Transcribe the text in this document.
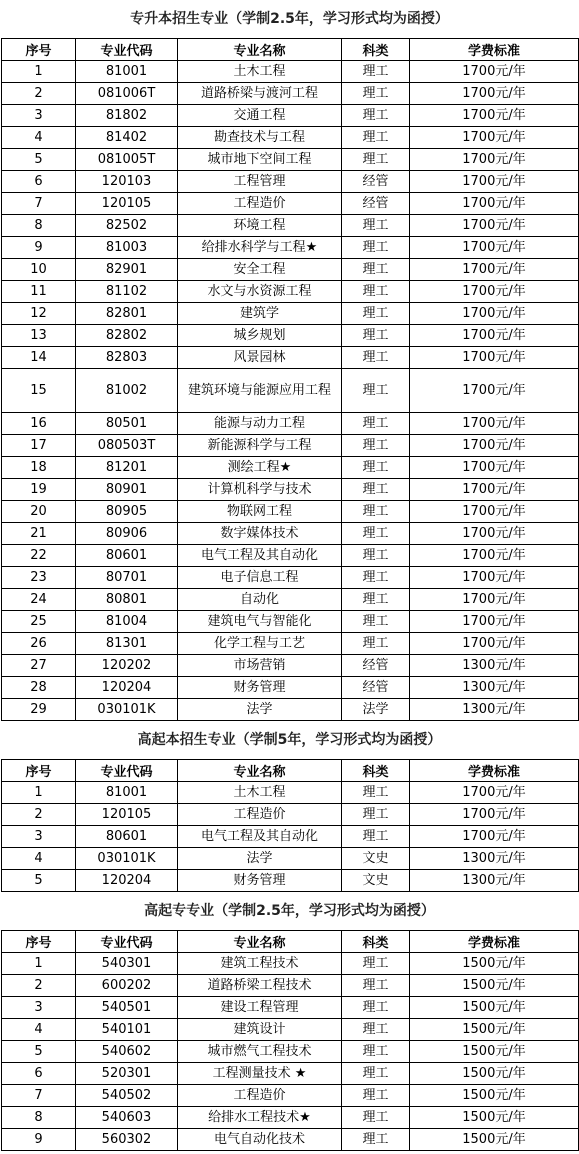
专升本招生专业（学制2.5年，学习形式均为函授）
序号	专业代码	专业名称	科类	学费标准
1	81001	土木工程	理工	1700元/年
2	081006T	道路桥梁与渡河工程	理工	1700元/年
3	81802	交通工程	理工	1700元/年
4	81402	勘查技术与工程	理工	1700元/年
5	081005T	城市地下空间工程	理工	1700元/年
6	120103	工程管理	经管	1700元/年
7	120105	工程造价	经管	1700元/年
8	82502	环境工程	理工	1700元/年
9	81003	给排水科学与工程★	理工	1700元/年
10	82901	安全工程	理工	1700元/年
11	81102	水文与水资源工程	理工	1700元/年
12	82801	建筑学	理工	1700元/年
13	82802	城乡规划	理工	1700元/年
14	82803	风景园林	理工	1700元/年
15	81002	建筑环境与能源应用工程	理工	1700元/年
16	80501	能源与动力工程	理工	1700元/年
17	080503T	新能源科学与工程	理工	1700元/年
18	81201	测绘工程★	理工	1700元/年
19	80901	计算机科学与技术	理工	1700元/年
20	80905	物联网工程	理工	1700元/年
21	80906	数字媒体技术	理工	1700元/年
22	80601	电气工程及其自动化	理工	1700元/年
23	80701	电子信息工程	理工	1700元/年
24	80801	自动化	理工	1700元/年
25	81004	建筑电气与智能化	理工	1700元/年
26	81301	化学工程与工艺	理工	1700元/年
27	120202	市场营销	经管	1300元/年
28	120204	财务管理	经管	1300元/年
29	030101K	法学	法学	1300元/年
高起本招生专业（学制5年，学习形式均为函授）
序号	专业代码	专业名称	科类	学费标准
1	81001	土木工程	理工	1700元/年
2	120105	工程造价	理工	1700元/年
3	80601	电气工程及其自动化	理工	1700元/年
4	030101K	法学	文史	1300元/年
5	120204	财务管理	文史	1300元/年
高起专专业（学制2.5年，学习形式均为函授）
序号	专业代码	专业名称	科类	学费标准
1	540301	建筑工程技术	理工	1500元/年
2	600202	道路桥梁工程技术	理工	1500元/年
3	540501	建设工程管理	理工	1500元/年
4	540101	建筑设计	理工	1500元/年
5	540602	城市燃气工程技术	理工	1500元/年
6	520301	工程测量技术 ★	理工	1500元/年
7	540502	工程造价	理工	1500元/年
8	540603	给排水工程技术★	理工	1500元/年
9	560302	电气自动化技术	理工	1500元/年
